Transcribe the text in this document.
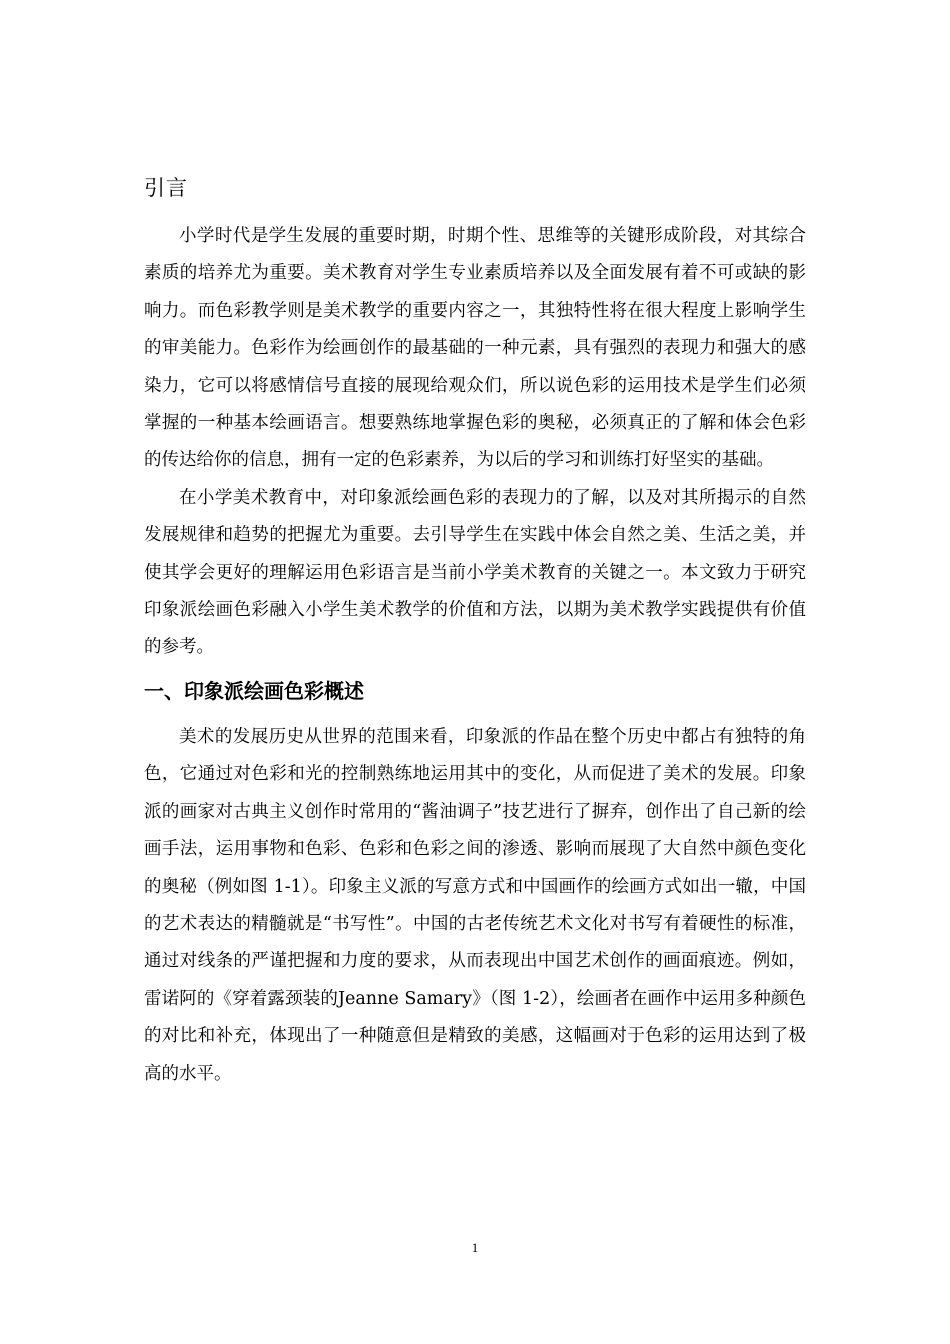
引言

小学时代是学生发展的重要时期，时期个性、思维等的关键形成阶段，对其综合素质的培养尤为重要。美术教育对学生专业素质培养以及全面发展有着不可或缺的影响力。而色彩教学则是美术教学的重要内容之一，其独特性将在很大程度上影响学生的审美能力。色彩作为绘画创作的最基础的一种元素，具有强烈的表现力和强大的感染力，它可以将感情信号直接的展现给观众们，所以说色彩的运用技术是学生们必须掌握的一种基本绘画语言。想要熟练地掌握色彩的奥秘，必须真正的了解和体会色彩的传达给你的信息，拥有一定的色彩素养，为以后的学习和训练打好坚实的基础。

在小学美术教育中，对印象派绘画色彩的表现力的了解，以及对其所揭示的自然发展规律和趋势的把握尤为重要。去引导学生在实践中体会自然之美、生活之美，并使其学会更好的理解运用色彩语言是当前小学美术教育的关键之一。本文致力于研究印象派绘画色彩融入小学生美术教学的价值和方法，以期为美术教学实践提供有价值的参考。

一、印象派绘画色彩概述

美术的发展历史从世界的范围来看，印象派的作品在整个历史中都占有独特的角色，它通过对色彩和光的控制熟练地运用其中的变化，从而促进了美术的发展。印象派的画家对古典主义创作时常用的“酱油调子”技艺进行了摒弃，创作出了自己新的绘画手法，运用事物和色彩、色彩和色彩之间的渗透、影响而展现了大自然中颜色变化的奥秘（例如图 1-1）。印象主义派的写意方式和中国画作的绘画方式如出一辙，中国的艺术表达的精髓就是“书写性”。中国的古老传统艺术文化对书写有着硬性的标准，通过对线条的严谨把握和力度的要求，从而表现出中国艺术创作的画面痕迹。例如，雷诺阿的《穿着露颈装的Jeanne Samary》（图 1-2），绘画者在画作中运用多种颜色的对比和补充，体现出了一种随意但是精致的美感，这幅画对于色彩的运用达到了极高的水平。

1
